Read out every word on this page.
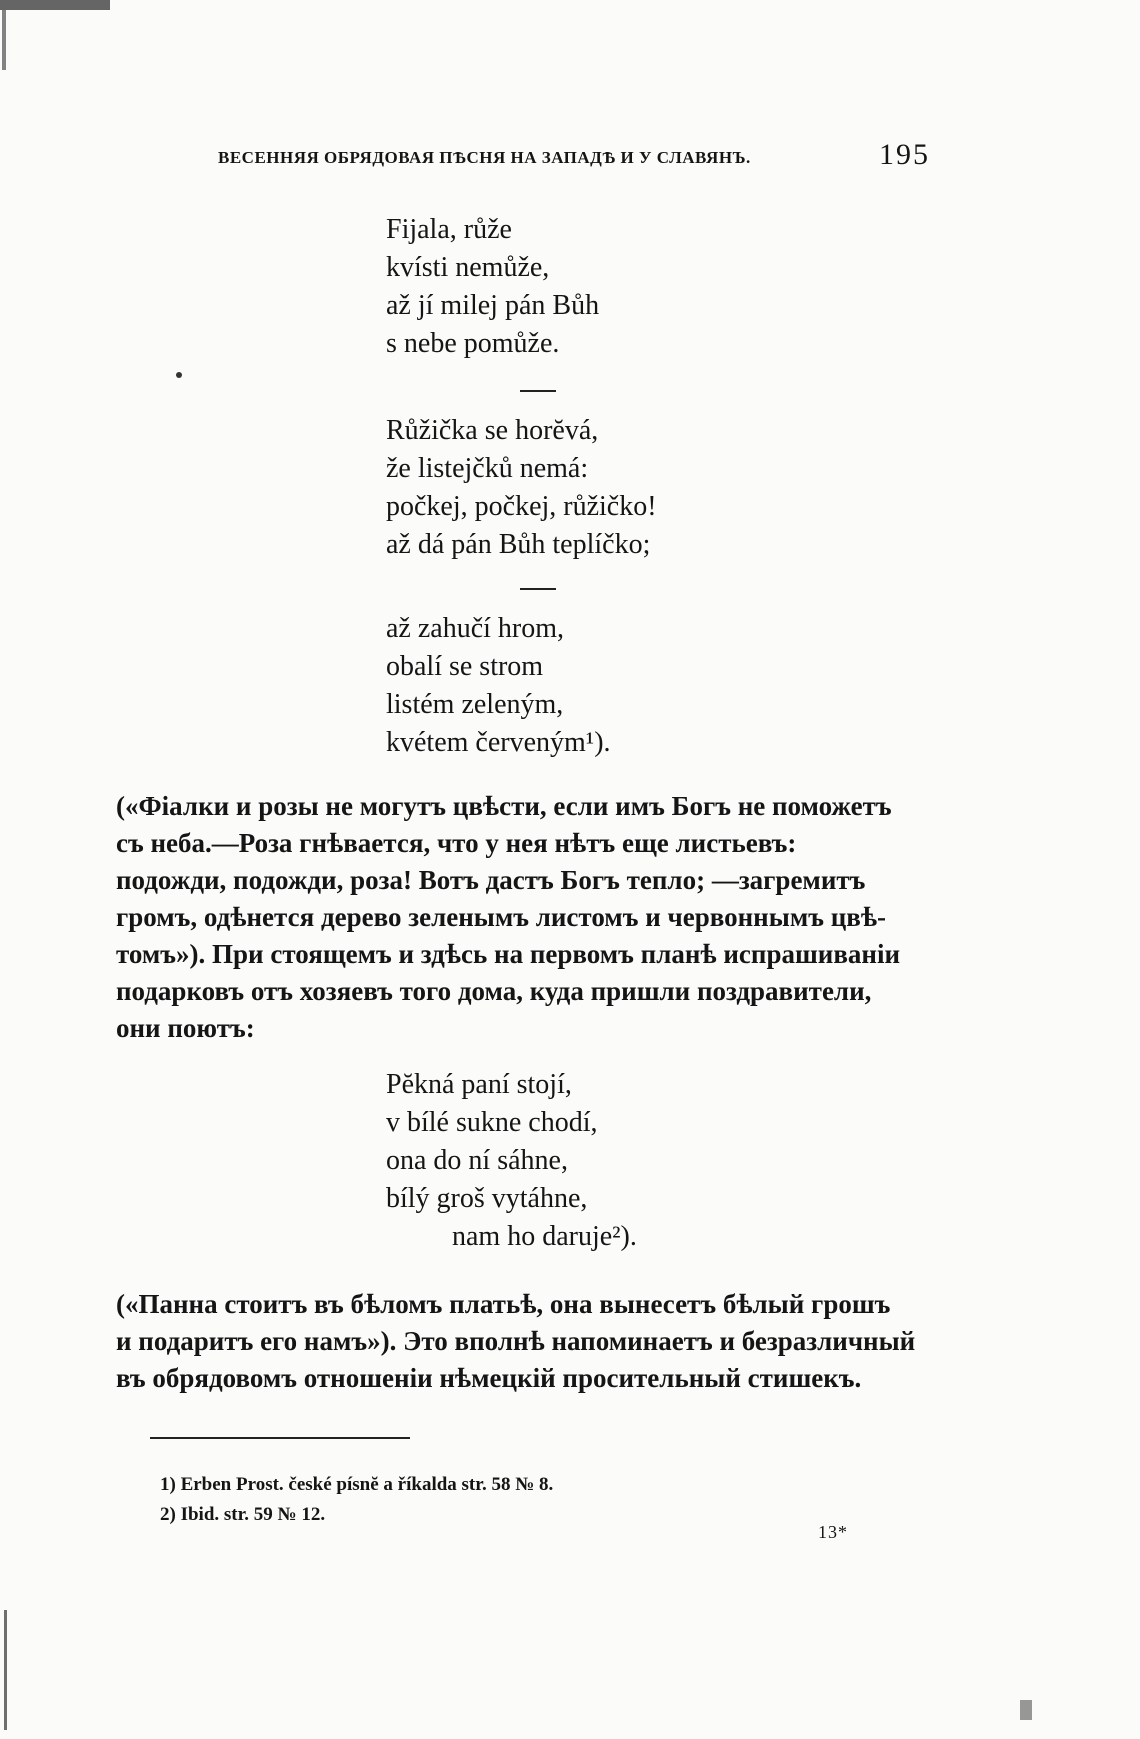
ВЕСЕННЯЯ ОБРЯДОВАЯ ПѢСНЯ НА ЗАПАДѢ И У СЛАВЯНЪ.	195
Fijala, růže
kvísti nemůže,
až jí milej pán Bůh
s nebe pomůže.
Růžička se horĕvá,
že listejčků nemá:
počkej, počkej, růžičko!
až dá pán Bůh teplíčko;
až zahučí hrom,
obalí se strom
listém zeleným,
kvétem červeným¹).
(«Фіалки и розы не могутъ цвѣсти, если имъ Богъ не поможетъ
съ неба.—Роза гнѣвается, что у нея нѣтъ еще листьевъ:
подожди, подожди, роза! Вотъ дастъ Богъ тепло; —загремитъ
громъ, одѣнется дерево зеленымъ листомъ и червоннымъ цвѣ-
томъ»). При стоящемъ и здѣсь на первомъ планѣ испрашиваніи
подарковъ отъ хозяевъ того дома, куда пришли поздравители,
они поютъ:
Pĕkná paní stojí,
v bílé sukne chodí,
ona do ní sáhne,
bílý groš vytáhne,
nam ho daruje²).
(«Панна стоитъ въ бѣломъ платьѣ, она вынесетъ бѣлый грошъ
и подаритъ его намъ»). Это вполнѣ напоминаетъ и безразличный
въ обрядовомъ отношеніи нѣмецкій просительный стишекъ.
1) Erben Prost. české písnĕ a říkalda str. 58 № 8.
2) Ibid. str. 59 № 12.
13*
